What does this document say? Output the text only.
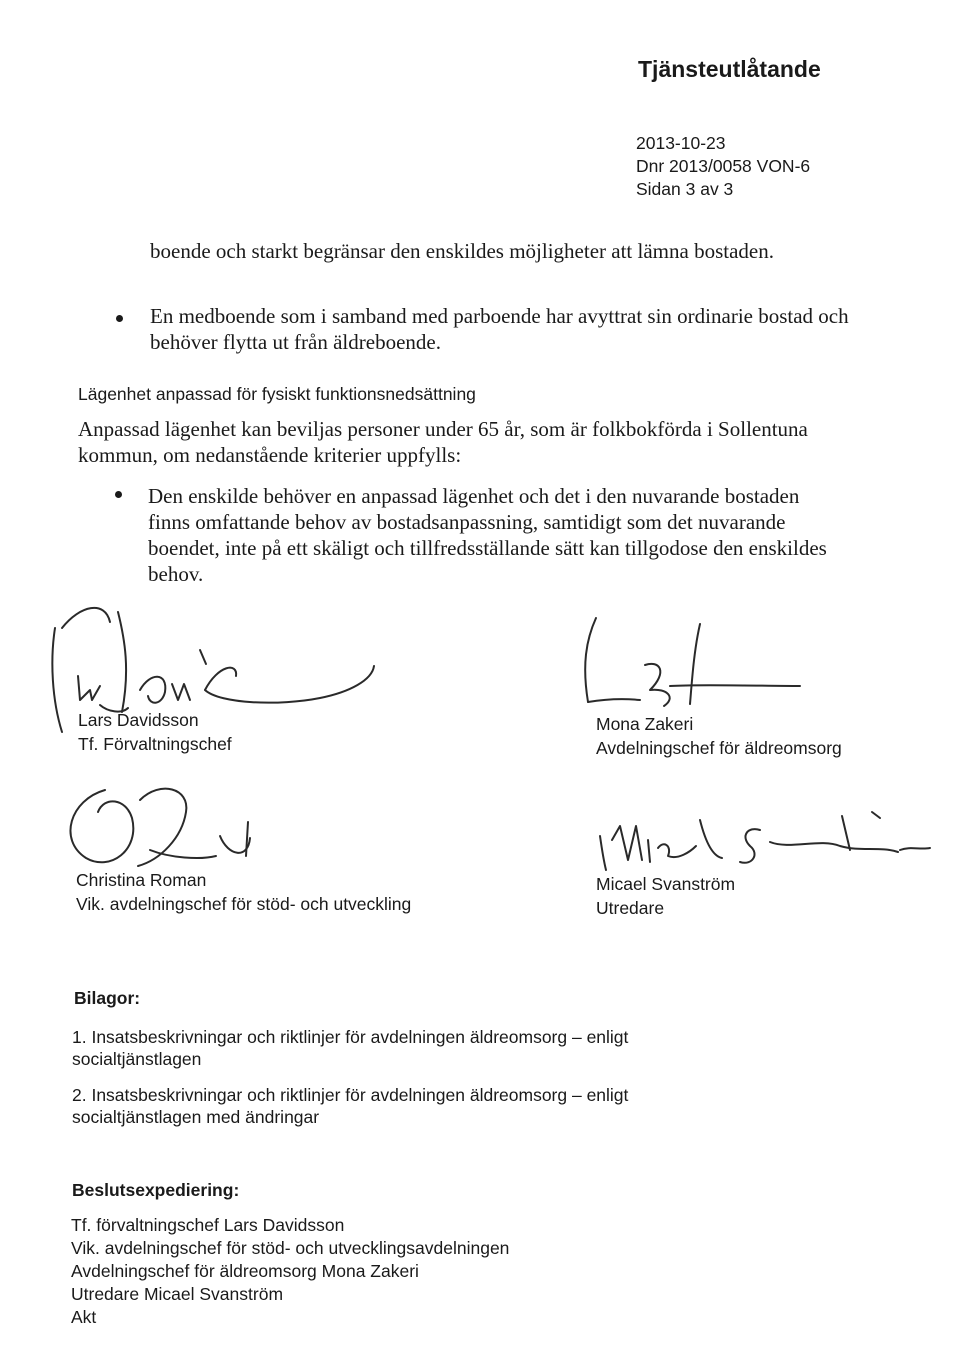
Tjänsteutlåtande
2013-10-23
Dnr 2013/0058 VON-6
Sidan 3 av 3
boende och starkt begränsar den enskildes möjligheter att lämna bostaden.
En medboende som i samband med parboende har avyttrat sin ordinarie bostad och behöver flytta ut från äldreboende.
Lägenhet anpassad för fysiskt funktionsnedsättning
Anpassad lägenhet kan beviljas personer under 65 år, som är folkbokförda i Sollentuna kommun, om nedanstående kriterier uppfylls:
Den enskilde behöver en anpassad lägenhet och det i den nuvarande bostaden finns omfattande behov av bostadsanpassning, samtidigt som det nuvarande boendet, inte på ett skäligt och tillfredsställande sätt kan tillgodose den enskildes behov.
Lars Davidsson
Tf. Förvaltningschef
Mona Zakeri
Avdelningschef för äldreomsorg
Christina Roman
Vik. avdelningschef för stöd- och utveckling
Micael Svanström
Utredare
Bilagor:
1. Insatsbeskrivningar och riktlinjer för avdelningen äldreomsorg – enligt socialtjänstlagen
2. Insatsbeskrivningar och riktlinjer för avdelningen äldreomsorg – enligt socialtjänstlagen med ändringar
Beslutsexpediering:
Tf. förvaltningschef Lars Davidsson
Vik. avdelningschef för stöd- och utvecklingsavdelningen
Avdelningschef för äldreomsorg Mona Zakeri
Utredare Micael Svanström
Akt
